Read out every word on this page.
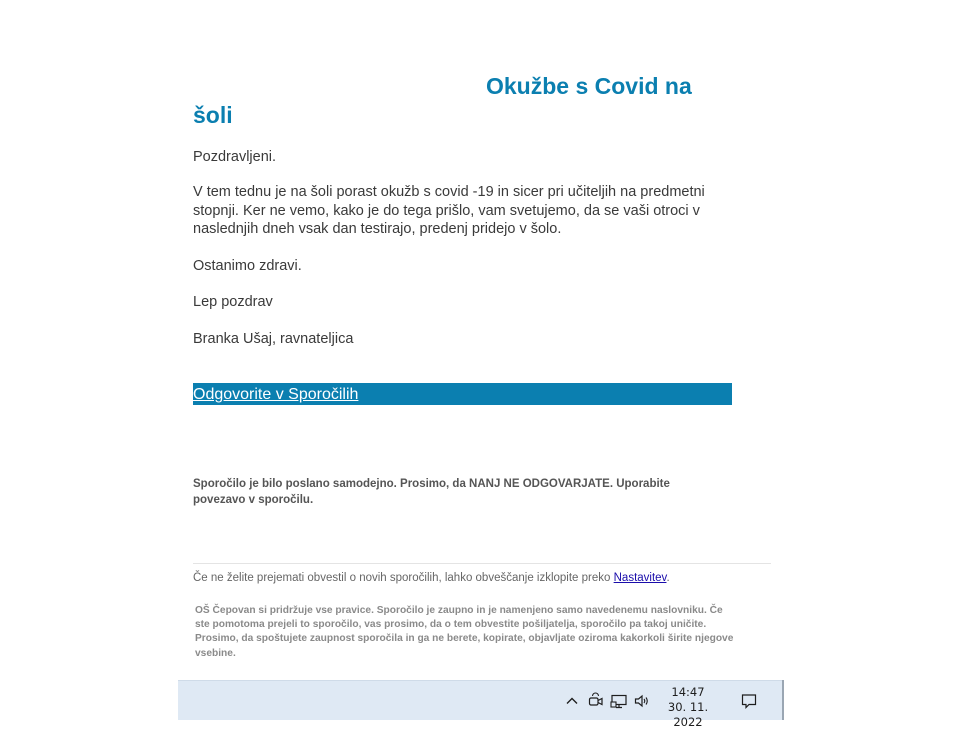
Okužbe s Covid na
šoli

Pozdravljeni.

V tem tednu je na šoli porast okužb s covid -19 in sicer pri učiteljih na predmetni stopnji. Ker ne vemo, kako je do tega prišlo, vam svetujemo, da se vaši otroci v naslednjih dneh vsak dan testirajo, predenj pridejo v šolo.

Ostanimo zdravi.

Lep pozdrav

Branka Ušaj, ravnateljica

Odgovorite v Sporočilih

Sporočilo je bilo poslano samodejno. Prosimo, da NANJ NE ODGOVARJATE. Uporabite povezavo v sporočilu.

Če ne želite prejemati obvestil o novih sporočilih, lahko obveščanje izklopite preko Nastavitev.

OŠ Čepovan si pridržuje vse pravice. Sporočilo je zaupno in je namenjeno samo navedenemu naslovniku. Če ste pomotoma prejeli to sporočilo, vas prosimo, da o tem obvestite pošiljatelja, sporočilo pa takoj uničite. Prosimo, da spoštujete zaupnost sporočila in ga ne berete, kopirate, objavljate oziroma kakorkoli širite njegove vsebine.

14:47
30. 11. 2022
